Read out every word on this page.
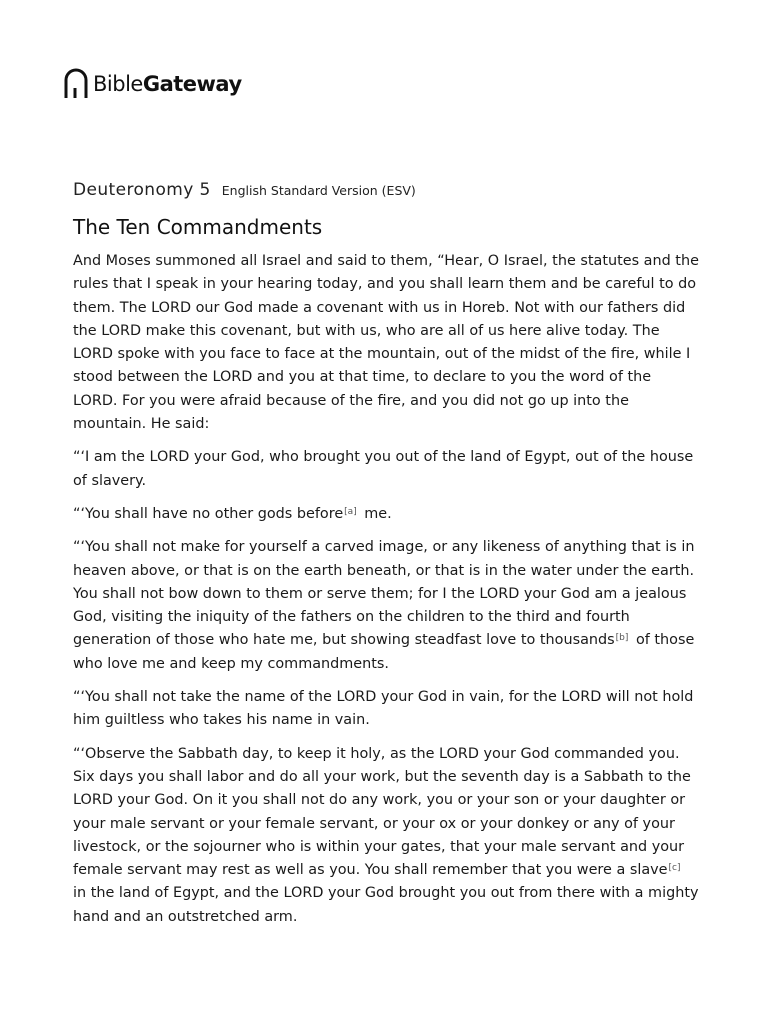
BibleGateway
Deuteronomy 5 English Standard Version (ESV)
The Ten Commandments

And Moses summoned all Israel and said to them, “Hear, O Israel, the statutes and the rules that I speak in your hearing today, and you shall learn them and be careful to do them. The LORD our God made a covenant with us in Horeb. Not with our fathers did the LORD make this covenant, but with us, who are all of us here alive today. The LORD spoke with you face to face at the mountain, out of the midst of the fire, while I stood between the LORD and you at that time, to declare to you the word of the LORD. For you were afraid because of the fire, and you did not go up into the mountain. He said:

“‘I am the LORD your God, who brought you out of the land of Egypt, out of the house of slavery.

“‘You shall have no other gods before[a] me.

“‘You shall not make for yourself a carved image, or any likeness of anything that is in heaven above, or that is on the earth beneath, or that is in the water under the earth. You shall not bow down to them or serve them; for I the LORD your God am a jealous God, visiting the iniquity of the fathers on the children to the third and fourth generation of those who hate me, but showing steadfast love to thousands[b] of those who love me and keep my commandments.

“‘You shall not take the name of the LORD your God in vain, for the LORD will not hold him guiltless who takes his name in vain.

“‘Observe the Sabbath day, to keep it holy, as the LORD your God commanded you. Six days you shall labor and do all your work, but the seventh day is a Sabbath to the LORD your God. On it you shall not do any work, you or your son or your daughter or your male servant or your female servant, or your ox or your donkey or any of your livestock, or the sojourner who is within your gates, that your male servant and your female servant may rest as well as you. You shall remember that you were a slave[c] in the land of Egypt, and the LORD your God brought you out from there with a mighty hand and an outstretched arm.
